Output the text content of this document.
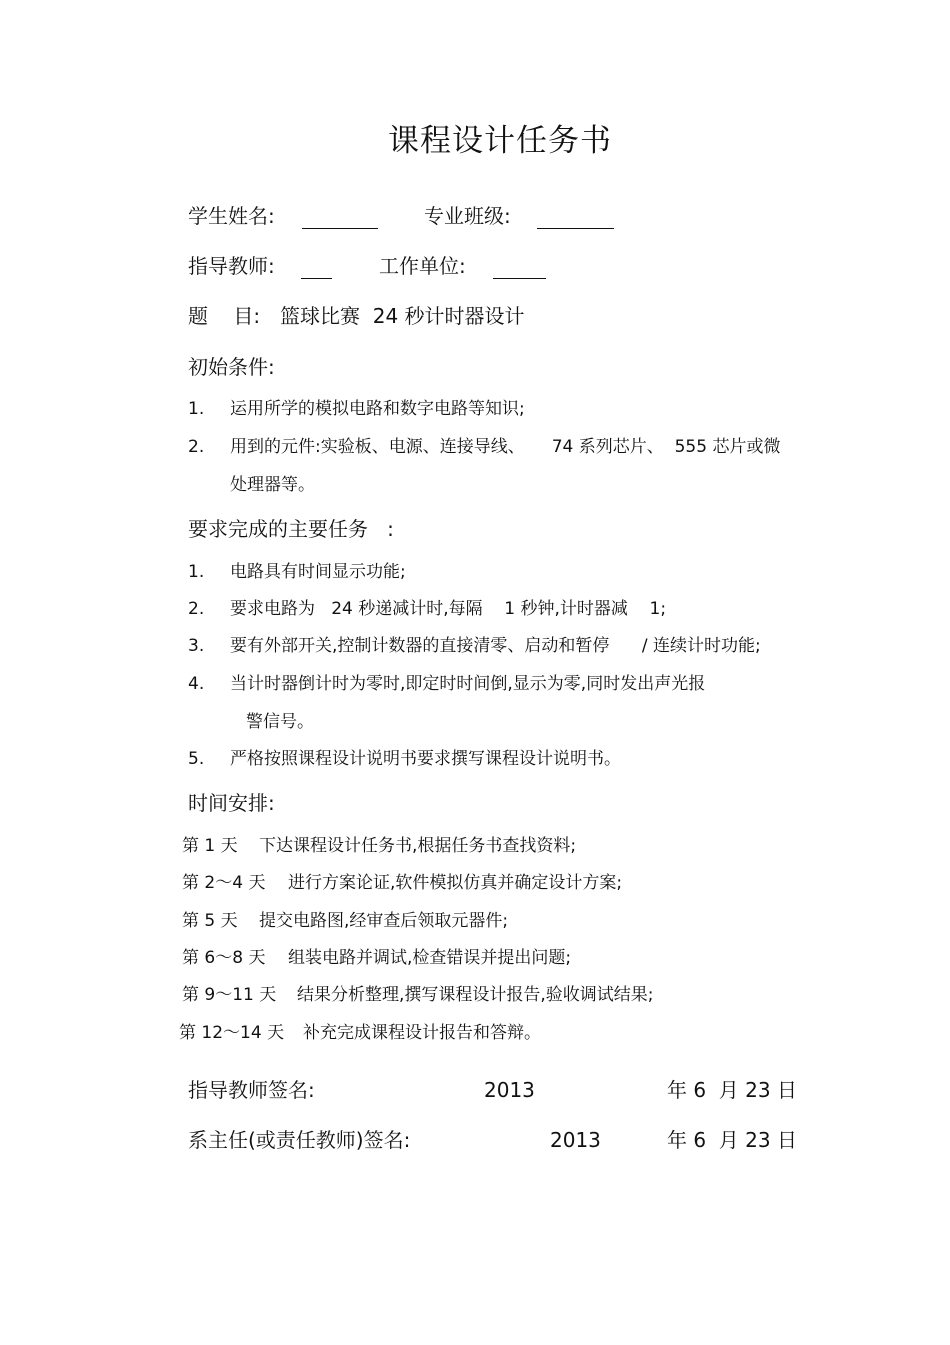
课程设计任务书
学生姓名:	专业班级:
指导教师:	工作单位:
题    目: 篮球比赛  24 秒计时器设计
初始条件:
1. 运用所学的模拟电路和数字电路等知识;
2. 用到的元件:实验板、电源、连接导线、     74 系列芯片、  555 芯片或微
处理器等。
要求完成的主要任务   :
1. 电路具有时间显示功能;
2. 要求电路为   24 秒递减计时,每隔    1 秒钟,计时器减    1;
3. 要有外部开关,控制计数器的直接清零、启动和暂停      / 连续计时功能;
4. 当计时器倒计时为零时,即定时时间倒,显示为零,同时发出声光报
警信号。
5. 严格按照课程设计说明书要求撰写课程设计说明书。
时间安排:
第 1 天 下达课程设计任务书,根据任务书查找资料;
第 2～4 天 进行方案论证,软件模拟仿真并确定设计方案;
第 5 天 提交电路图,经审查后领取元器件;
第 6～8 天 组装电路并调试,检查错误并提出问题;
第 9～11 天 结果分析整理,撰写课程设计报告,验收调试结果;
第 12～14 天 补充完成课程设计报告和答辩。
指导教师签名:	2013	年 6  月 23 日
系主任(或责任教师)签名:	2013	年 6  月 23 日
